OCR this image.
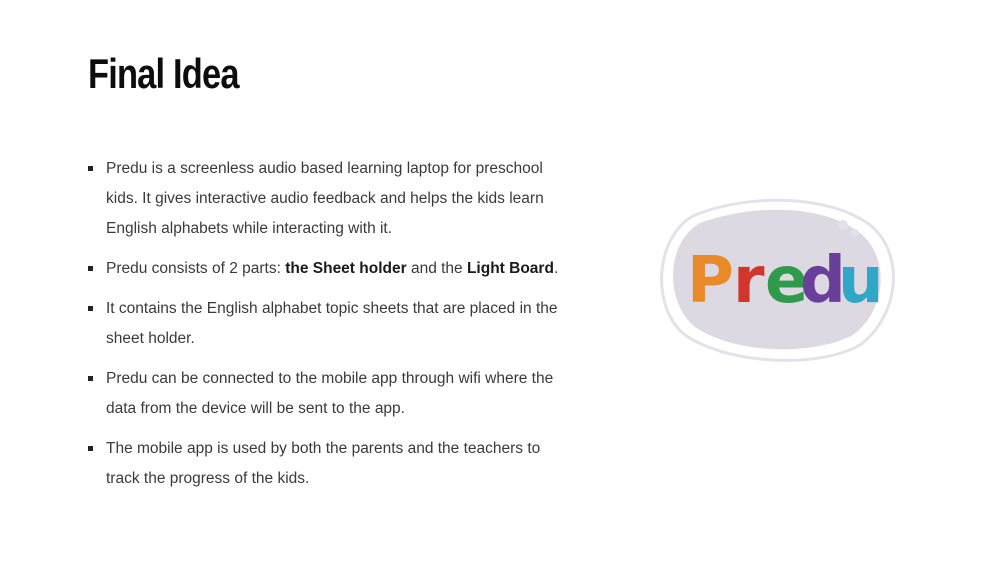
Final Idea
Predu is a screenless audio based learning laptop for preschool kids. It gives interactive audio feedback and helps the kids learn English alphabets while interacting with it.
Predu consists of 2 parts: the Sheet holder and the Light Board.
It contains the English alphabet topic sheets that are placed in the sheet holder.
Predu can be connected to the mobile app through wifi where the data from the device will be sent to the app.
The mobile app is used by both the parents and the teachers to track the progress of the kids.
P r e
d
u
